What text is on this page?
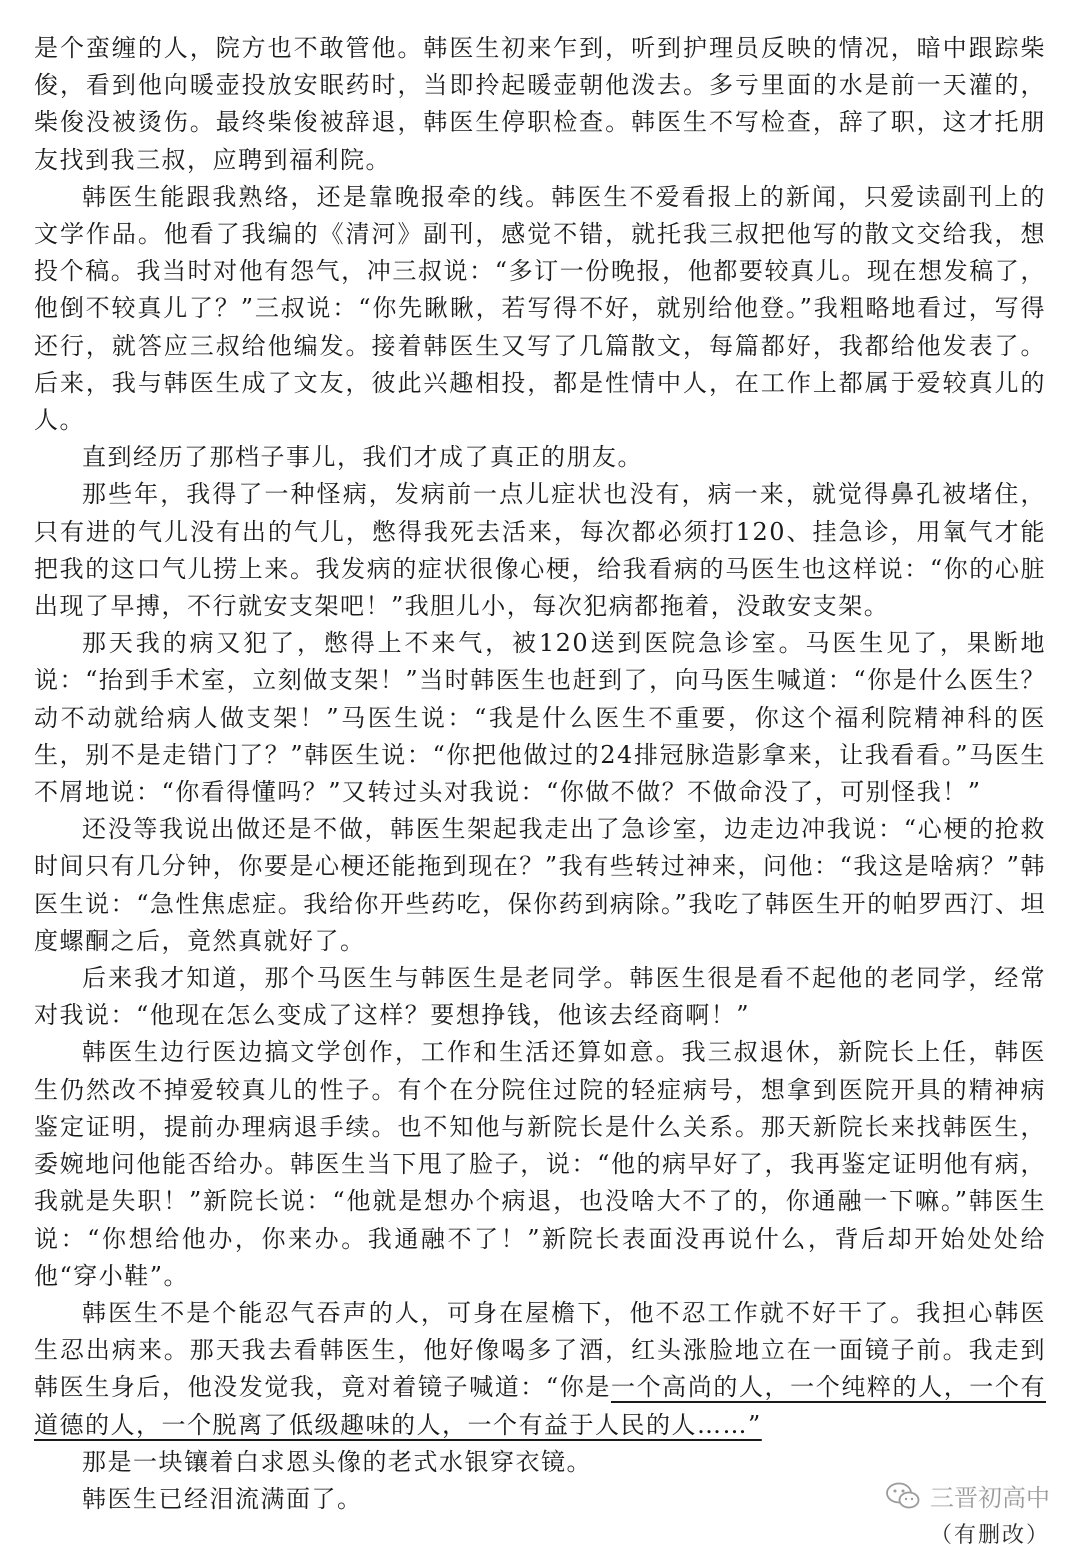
是个蛮缠的人，院方也不敢管他。韩医生初来乍到，听到护理员反映的情况，暗中跟踪柴俊，看到他向暖壶投放安眠药时，当即拎起暖壶朝他泼去。多亏里面的水是前一天灌的，柴俊没被烫伤。最终柴俊被辞退，韩医生停职检查。韩医生不写检查，辞了职，这才托朋友找到我三叔，应聘到福利院。

韩医生能跟我熟络，还是靠晚报牵的线。韩医生不爱看报上的新闻，只爱读副刊上的文学作品。他看了我编的《清河》副刊，感觉不错，就托我三叔把他写的散文交给我，想投个稿。我当时对他有怨气，冲三叔说：“多订一份晚报，他都要较真儿。现在想发稿了，他倒不较真儿了？”三叔说：“你先瞅瞅，若写得不好，就别给他登。”我粗略地看过，写得还行，就答应三叔给他编发。接着韩医生又写了几篇散文，每篇都好，我都给他发表了。后来，我与韩医生成了文友，彼此兴趣相投，都是性情中人，在工作上都属于爱较真儿的人。

直到经历了那档子事儿，我们才成了真正的朋友。

那些年，我得了一种怪病，发病前一点儿症状也没有，病一来，就觉得鼻孔被堵住，只有进的气儿没有出的气儿，憋得我死去活来，每次都必须打120、挂急诊，用氧气才能把我的这口气儿捞上来。我发病的症状很像心梗，给我看病的马医生也这样说：“你的心脏出现了早搏，不行就安支架吧！”我胆儿小，每次犯病都拖着，没敢安支架。

那天我的病又犯了，憋得上不来气，被120送到医院急诊室。马医生见了，果断地说：“抬到手术室，立刻做支架！”当时韩医生也赶到了，向马医生喊道：“你是什么医生？动不动就给病人做支架！”马医生说：“我是什么医生不重要，你这个福利院精神科的医生，别不是走错门了？”韩医生说：“你把他做过的24排冠脉造影拿来，让我看看。”马医生不屑地说：“你看得懂吗？”又转过头对我说：“你做不做？不做命没了，可别怪我！”

还没等我说出做还是不做，韩医生架起我走出了急诊室，边走边冲我说：“心梗的抢救时间只有几分钟，你要是心梗还能拖到现在？”我有些转过神来，问他：“我这是啥病？”韩医生说：“急性焦虑症。我给你开些药吃，保你药到病除。”我吃了韩医生开的帕罗西汀、坦度螺酮之后，竟然真就好了。

后来我才知道，那个马医生与韩医生是老同学。韩医生很是看不起他的老同学，经常对我说：“他现在怎么变成了这样？要想挣钱，他该去经商啊！”

韩医生边行医边搞文学创作，工作和生活还算如意。我三叔退休，新院长上任，韩医生仍然改不掉爱较真儿的性子。有个在分院住过院的轻症病号，想拿到医院开具的精神病鉴定证明，提前办理病退手续。也不知他与新院长是什么关系。那天新院长来找韩医生，委婉地问他能否给办。韩医生当下甩了脸子，说：“他的病早好了，我再鉴定证明他有病，我就是失职！”新院长说：“他就是想办个病退，也没啥大不了的，你通融一下嘛。”韩医生说：“你想给他办，你来办。我通融不了！”新院长表面没再说什么，背后却开始处处给他“穿小鞋”。

韩医生不是个能忍气吞声的人，可身在屋檐下，他不忍工作就不好干了。我担心韩医生忍出病来。那天我去看韩医生，他好像喝多了酒，红头涨脸地立在一面镜子前。我走到韩医生身后，他没发觉我，竟对着镜子喊道：“你是一个高尚的人，一个纯粹的人，一个有道德的人，一个脱离了低级趣味的人，一个有益于人民的人……”

那是一块镶着白求恩头像的老式水银穿衣镜。

韩医生已经泪流满面了。	三晋初高中
（有删改）
